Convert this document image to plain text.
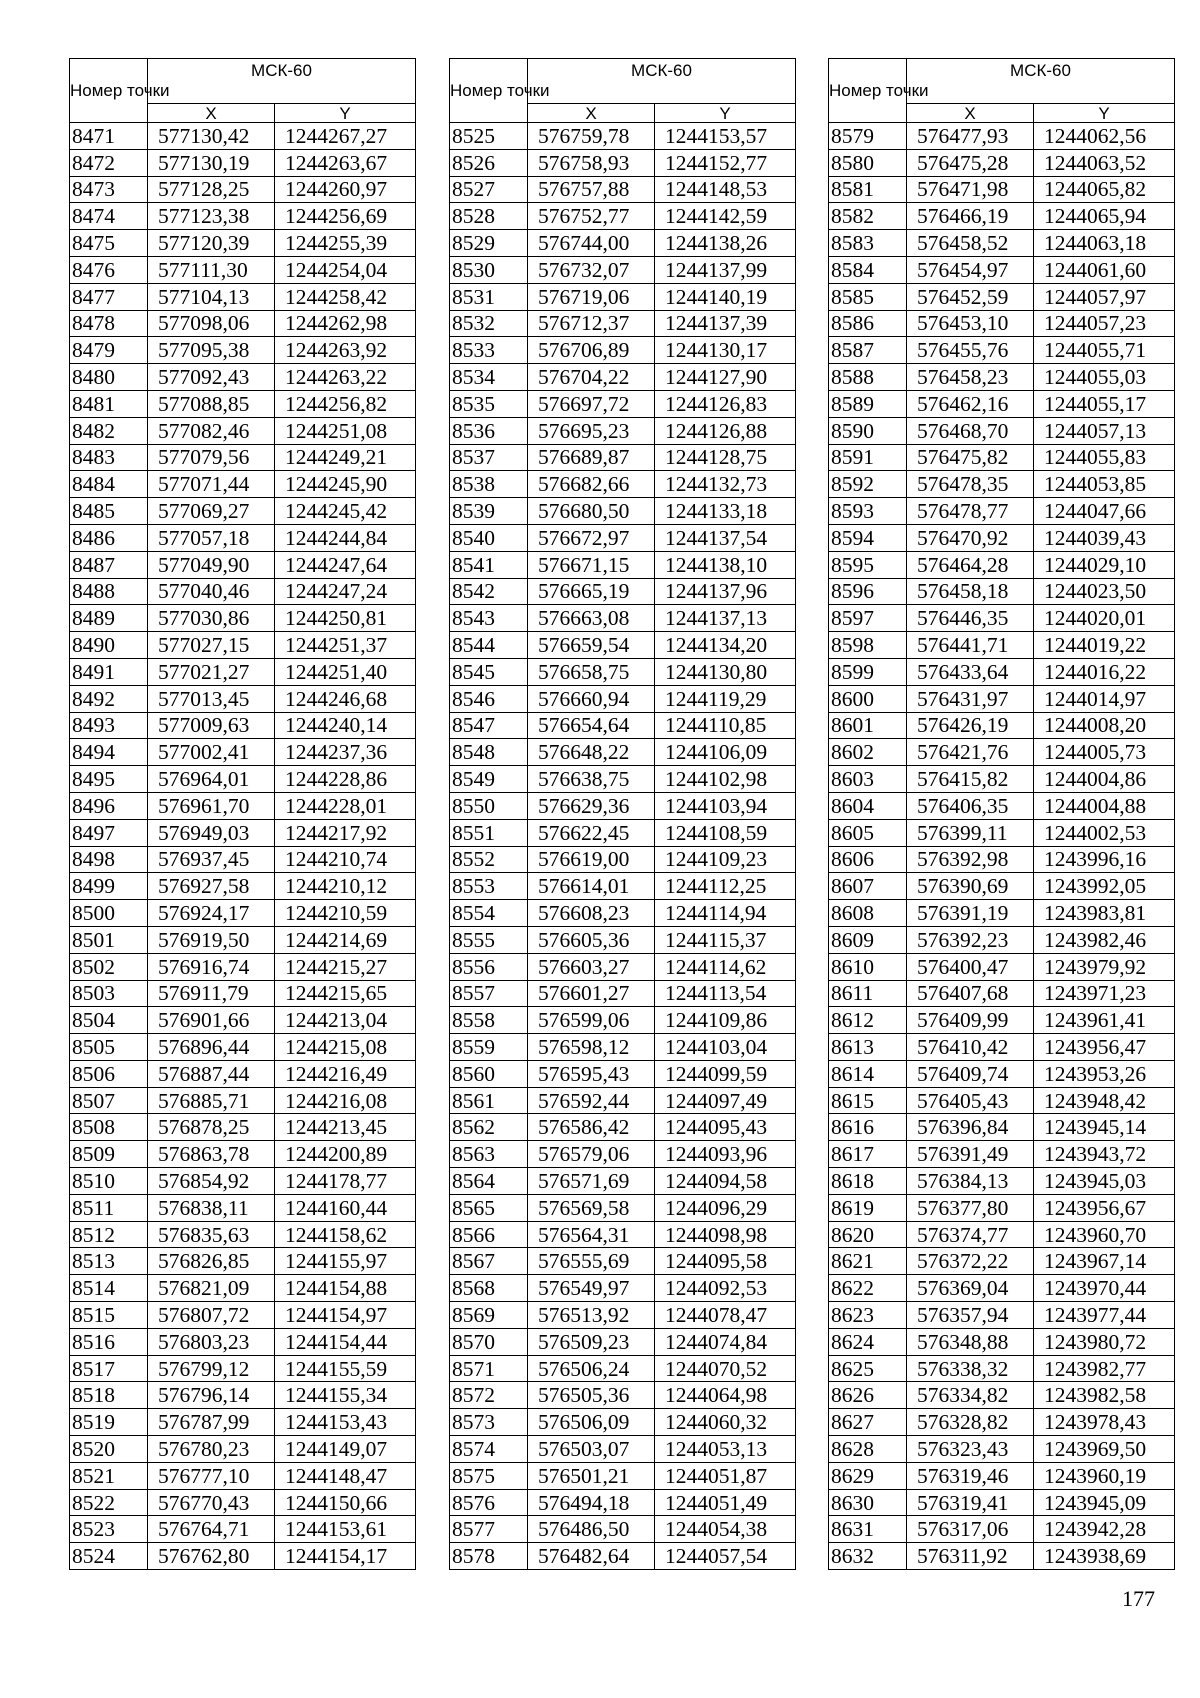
Номер точки	МСК-60	
	X	Y
8471	577130,42	1244267,27
8472	577130,19	1244263,67
8473	577128,25	1244260,97
8474	577123,38	1244256,69
8475	577120,39	1244255,39
8476	577111,30	1244254,04
8477	577104,13	1244258,42
8478	577098,06	1244262,98
8479	577095,38	1244263,92
8480	577092,43	1244263,22
8481	577088,85	1244256,82
8482	577082,46	1244251,08
8483	577079,56	1244249,21
8484	577071,44	1244245,90
8485	577069,27	1244245,42
8486	577057,18	1244244,84
8487	577049,90	1244247,64
8488	577040,46	1244247,24
8489	577030,86	1244250,81
8490	577027,15	1244251,37
8491	577021,27	1244251,40
8492	577013,45	1244246,68
8493	577009,63	1244240,14
8494	577002,41	1244237,36
8495	576964,01	1244228,86
8496	576961,70	1244228,01
8497	576949,03	1244217,92
8498	576937,45	1244210,74
8499	576927,58	1244210,12
8500	576924,17	1244210,59
8501	576919,50	1244214,69
8502	576916,74	1244215,27
8503	576911,79	1244215,65
8504	576901,66	1244213,04
8505	576896,44	1244215,08
8506	576887,44	1244216,49
8507	576885,71	1244216,08
8508	576878,25	1244213,45
8509	576863,78	1244200,89
8510	576854,92	1244178,77
8511	576838,11	1244160,44
8512	576835,63	1244158,62
8513	576826,85	1244155,97
8514	576821,09	1244154,88
8515	576807,72	1244154,97
8516	576803,23	1244154,44
8517	576799,12	1244155,59
8518	576796,14	1244155,34
8519	576787,99	1244153,43
8520	576780,23	1244149,07
8521	576777,10	1244148,47
8522	576770,43	1244150,66
8523	576764,71	1244153,61
8524	576762,80	1244154,17
Номер точки	МСК-60	
	X	Y
8525	576759,78	1244153,57
8526	576758,93	1244152,77
8527	576757,88	1244148,53
8528	576752,77	1244142,59
8529	576744,00	1244138,26
8530	576732,07	1244137,99
8531	576719,06	1244140,19
8532	576712,37	1244137,39
8533	576706,89	1244130,17
8534	576704,22	1244127,90
8535	576697,72	1244126,83
8536	576695,23	1244126,88
8537	576689,87	1244128,75
8538	576682,66	1244132,73
8539	576680,50	1244133,18
8540	576672,97	1244137,54
8541	576671,15	1244138,10
8542	576665,19	1244137,96
8543	576663,08	1244137,13
8544	576659,54	1244134,20
8545	576658,75	1244130,80
8546	576660,94	1244119,29
8547	576654,64	1244110,85
8548	576648,22	1244106,09
8549	576638,75	1244102,98
8550	576629,36	1244103,94
8551	576622,45	1244108,59
8552	576619,00	1244109,23
8553	576614,01	1244112,25
8554	576608,23	1244114,94
8555	576605,36	1244115,37
8556	576603,27	1244114,62
8557	576601,27	1244113,54
8558	576599,06	1244109,86
8559	576598,12	1244103,04
8560	576595,43	1244099,59
8561	576592,44	1244097,49
8562	576586,42	1244095,43
8563	576579,06	1244093,96
8564	576571,69	1244094,58
8565	576569,58	1244096,29
8566	576564,31	1244098,98
8567	576555,69	1244095,58
8568	576549,97	1244092,53
8569	576513,92	1244078,47
8570	576509,23	1244074,84
8571	576506,24	1244070,52
8572	576505,36	1244064,98
8573	576506,09	1244060,32
8574	576503,07	1244053,13
8575	576501,21	1244051,87
8576	576494,18	1244051,49
8577	576486,50	1244054,38
8578	576482,64	1244057,54
Номер точки	МСК-60	
	X	Y
8579	576477,93	1244062,56
8580	576475,28	1244063,52
8581	576471,98	1244065,82
8582	576466,19	1244065,94
8583	576458,52	1244063,18
8584	576454,97	1244061,60
8585	576452,59	1244057,97
8586	576453,10	1244057,23
8587	576455,76	1244055,71
8588	576458,23	1244055,03
8589	576462,16	1244055,17
8590	576468,70	1244057,13
8591	576475,82	1244055,83
8592	576478,35	1244053,85
8593	576478,77	1244047,66
8594	576470,92	1244039,43
8595	576464,28	1244029,10
8596	576458,18	1244023,50
8597	576446,35	1244020,01
8598	576441,71	1244019,22
8599	576433,64	1244016,22
8600	576431,97	1244014,97
8601	576426,19	1244008,20
8602	576421,76	1244005,73
8603	576415,82	1244004,86
8604	576406,35	1244004,88
8605	576399,11	1244002,53
8606	576392,98	1243996,16
8607	576390,69	1243992,05
8608	576391,19	1243983,81
8609	576392,23	1243982,46
8610	576400,47	1243979,92
8611	576407,68	1243971,23
8612	576409,99	1243961,41
8613	576410,42	1243956,47
8614	576409,74	1243953,26
8615	576405,43	1243948,42
8616	576396,84	1243945,14
8617	576391,49	1243943,72
8618	576384,13	1243945,03
8619	576377,80	1243956,67
8620	576374,77	1243960,70
8621	576372,22	1243967,14
8622	576369,04	1243970,44
8623	576357,94	1243977,44
8624	576348,88	1243980,72
8625	576338,32	1243982,77
8626	576334,82	1243982,58
8627	576328,82	1243978,43
8628	576323,43	1243969,50
8629	576319,46	1243960,19
8630	576319,41	1243945,09
8631	576317,06	1243942,28
8632	576311,92	1243938,69
177
